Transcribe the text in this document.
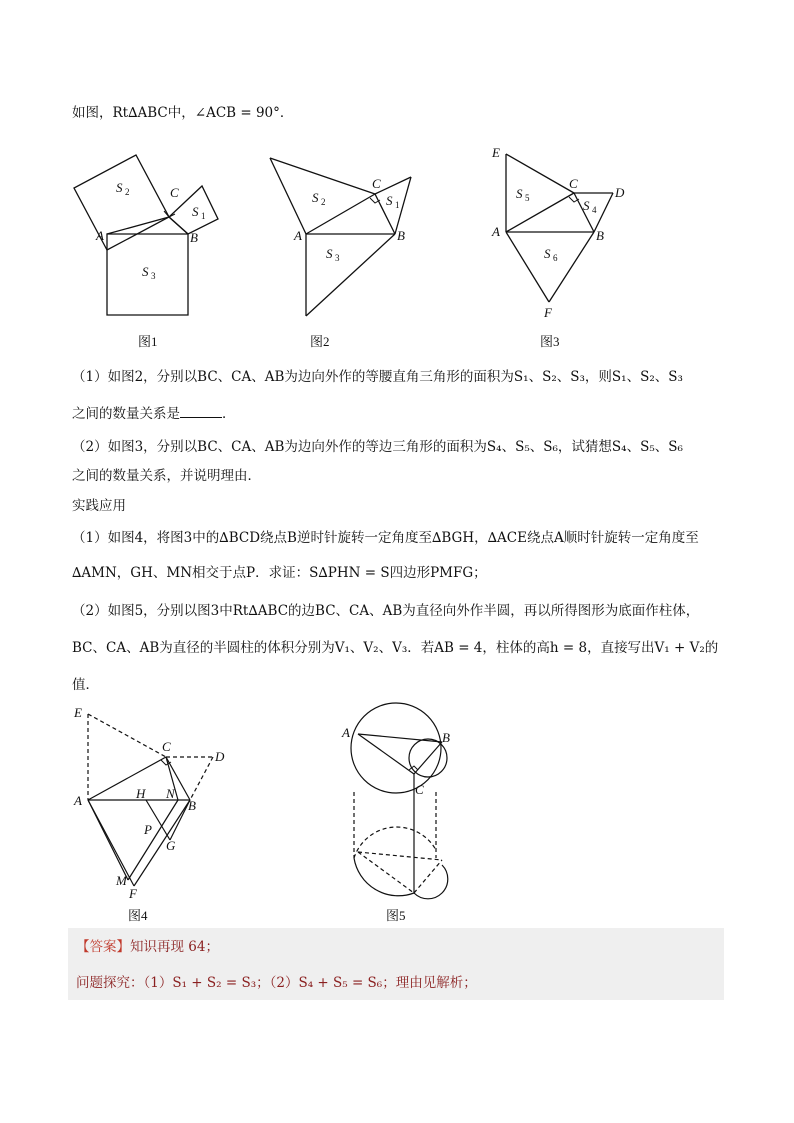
如图，Rt∆ABC中，∠ACB = 90°．
A	B
C
S 2
S 1
S 3
图1
A	B
C
S 2	S 1
S 3
图2
E
A	B
C
D
F
S 5	S 4
S 6
图3
（1）如图2，分别以BC、CA、AB为边向外作的等腰直角三角形的面积为S₁、S₂、S₃，则S₁、S₂、S₃
之间的数量关系是	．
（2）如图3，分别以BC、CA、AB为边向外作的等边三角形的面积为S₄、S₅、S₆，试猜想S₄、S₅、S₆
之间的数量关系，并说明理由．
实践应用
（1）如图4，将图3中的∆BCD绕点B逆时针旋转一定角度至∆BGH，∆ACE绕点A顺时针旋转一定角度至
∆AMN，GH、MN相交于点P．求证：S∆PHN = S四边形PMFG；
（2）如图5，分别以图3中Rt∆ABC的边BC、CA、AB为直径向外作半圆，再以所得图形为底面作柱体，
BC、CA、AB为直径的半圆柱的体积分别为V₁、V₂、V₃．若AB = 4，柱体的高h = 8，直接写出V₁ + V₂的
值．
E
A
C
D
H N
B
P
G
M
F
图4
A	B
C
图5
【答案】知识再现 64；
问题探究：（1）S₁ + S₂ = S₃；（2）S₄ + S₅ = S₆；理由见解析；
